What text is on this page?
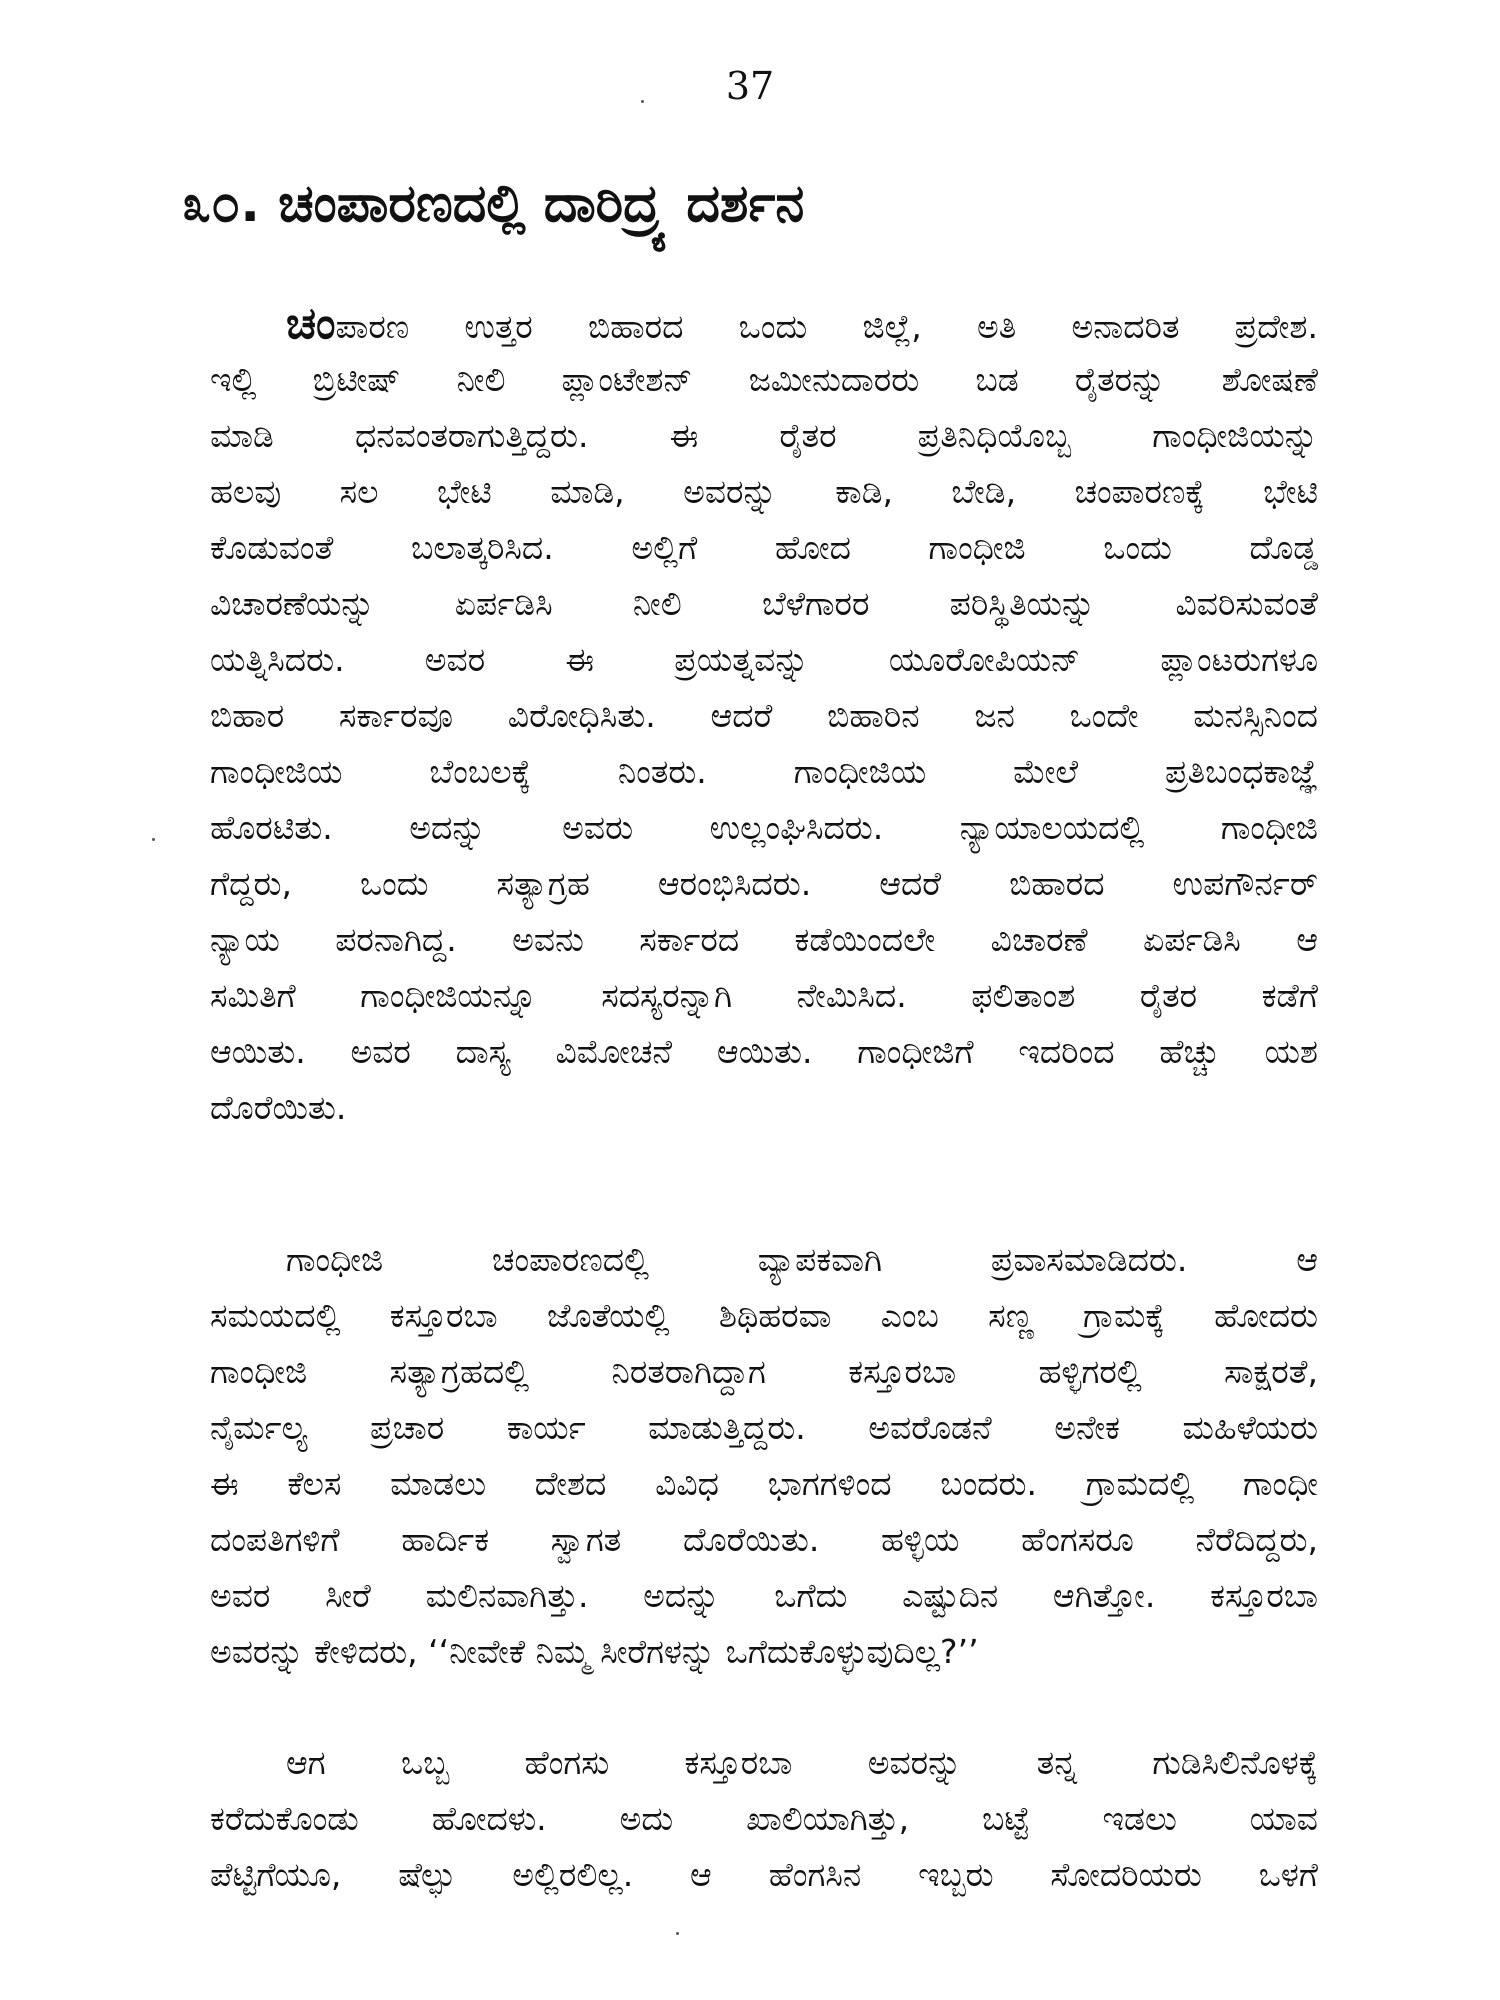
37
೩೦. ಚಂಪಾರಣದಲ್ಲಿ ದಾರಿದ್ರ್ಯ ದರ್ಶನ
ಚಂಪಾರಣ ಉತ್ತರ ಬಿಹಾರದ ಒಂದು ಜಿಲ್ಲೆ, ಅತಿ ಅನಾದರಿತ ಪ್ರದೇಶ.
ಇಲ್ಲಿ ಬ್ರಿಟೀಷ್ ನೀಲಿ ಪ್ಲಾಂಟೇಶನ್ ಜಮೀನುದಾರರು ಬಡ ರೈತರನ್ನು ಶೋಷಣೆ
ಮಾಡಿ ಧನವಂತರಾಗುತ್ತಿದ್ದರು. ಈ ರೈತರ ಪ್ರತಿನಿಧಿಯೊಬ್ಬ ಗಾಂಧೀಜಿಯನ್ನು
ಹಲವು ಸಲ ಭೇಟಿ ಮಾಡಿ, ಅವರನ್ನು ಕಾಡಿ, ಬೇಡಿ, ಚಂಪಾರಣಕ್ಕೆ ಭೇಟಿ
ಕೊಡುವಂತೆ ಬಲಾತ್ಕರಿಸಿದ. ಅಲ್ಲಿಗೆ ಹೋದ ಗಾಂಧೀಜಿ ಒಂದು ದೊಡ್ಡ
ವಿಚಾರಣೆಯನ್ನು ಏರ್ಪಡಿಸಿ ನೀಲಿ ಬೆಳೆಗಾರರ ಪರಿಸ್ಥಿತಿಯನ್ನು ವಿವರಿಸುವಂತೆ
ಯತ್ನಿಸಿದರು. ಅವರ ಈ ಪ್ರಯತ್ನವನ್ನು ಯೂರೋಪಿಯನ್ ಪ್ಲಾಂಟರುಗಳೂ
ಬಿಹಾರ ಸರ್ಕಾರವೂ ವಿರೋಧಿಸಿತು. ಆದರೆ ಬಿಹಾರಿನ ಜನ ಒಂದೇ ಮನಸ್ಸಿನಿಂದ
ಗಾಂಧೀಜಿಯ ಬೆಂಬಲಕ್ಕೆ ನಿಂತರು. ಗಾಂಧೀಜಿಯ ಮೇಲೆ ಪ್ರತಿಬಂಧಕಾಜ್ಞೆ
ಹೊರಟಿತು. ಅದನ್ನು ಅವರು ಉಲ್ಲಂಘಿಸಿದರು. ನ್ಯಾಯಾಲಯದಲ್ಲಿ ಗಾಂಧೀಜಿ
ಗೆದ್ದರು, ಒಂದು ಸತ್ಯಾಗ್ರಹ ಆರಂಭಿಸಿದರು. ಆದರೆ ಬಿಹಾರದ ಉಪಗೌರ್ನರ್
ನ್ಯಾಯ ಪರನಾಗಿದ್ದ. ಅವನು ಸರ್ಕಾರದ ಕಡೆಯಿಂದಲೇ ವಿಚಾರಣೆ ಏರ್ಪಡಿಸಿ ಆ
ಸಮಿತಿಗೆ ಗಾಂಧೀಜಿಯನ್ನೂ ಸದಸ್ಯರನ್ನಾಗಿ ನೇಮಿಸಿದ. ಫಲಿತಾಂಶ ರೈತರ ಕಡೆಗೆ
ಆಯಿತು. ಅವರ ದಾಸ್ಯ ವಿಮೋಚನೆ ಆಯಿತು. ಗಾಂಧೀಜಿಗೆ ಇದರಿಂದ ಹೆಚ್ಚು ಯಶ
ದೊರೆಯಿತು.
ಗಾಂಧೀಜಿ ಚಂಪಾರಣದಲ್ಲಿ ವ್ಯಾಪಕವಾಗಿ ಪ್ರವಾಸಮಾಡಿದರು. ಆ
ಸಮಯದಲ್ಲಿ ಕಸ್ತೂರಬಾ ಜೊತೆಯಲ್ಲಿ ಶಿಥಿಹರವಾ ಎಂಬ ಸಣ್ಣ ಗ್ರಾಮಕ್ಕೆ ಹೋದರು
ಗಾಂಧೀಜಿ ಸತ್ಯಾಗ್ರಹದಲ್ಲಿ ನಿರತರಾಗಿದ್ದಾಗ ಕಸ್ತೂರಬಾ ಹಳ್ಳಿಗರಲ್ಲಿ ಸಾಕ್ಷರತೆ,
ನೈರ್ಮಲ್ಯ ಪ್ರಚಾರ ಕಾರ್ಯ ಮಾಡುತ್ತಿದ್ದರು. ಅವರೊಡನೆ ಅನೇಕ ಮಹಿಳೆಯರು
ಈ ಕೆಲಸ ಮಾಡಲು ದೇಶದ ವಿವಿಧ ಭಾಗಗಳಿಂದ ಬಂದರು. ಗ್ರಾಮದಲ್ಲಿ ಗಾಂಧೀ
ದಂಪತಿಗಳಿಗೆ ಹಾರ್ದಿಕ ಸ್ವಾಗತ ದೊರೆಯಿತು. ಹಳ್ಳಿಯ ಹೆಂಗಸರೂ ನೆರೆದಿದ್ದರು,
ಅವರ ಸೀರೆ ಮಲಿನವಾಗಿತ್ತು. ಅದನ್ನು ಒಗೆದು ಎಷ್ಟುದಿನ ಆಗಿತ್ತೋ. ಕಸ್ತೂರಬಾ
ಅವರನ್ನು ಕೇಳಿದರು, ‘‘ನೀವೇಕೆ ನಿಮ್ಮ ಸೀರೆಗಳನ್ನು ಒಗೆದುಕೊಳ್ಳುವುದಿಲ್ಲ?’’
ಆಗ ಒಬ್ಬ ಹೆಂಗಸು ಕಸ್ತೂರಬಾ ಅವರನ್ನು ತನ್ನ ಗುಡಿಸಿಲಿನೊಳಕ್ಕೆ
ಕರೆದುಕೊಂಡು ಹೋದಳು. ಅದು ಖಾಲಿಯಾಗಿತ್ತು, ಬಟ್ಟೆ ಇಡಲು ಯಾವ
ಪೆಟ್ಟಿಗೆಯೂ, ಷೆಲ್ಫು ಅಲ್ಲಿರಲಿಲ್ಲ. ಆ ಹೆಂಗಸಿನ ಇಬ್ಬರು ಸೋದರಿಯರು ಒಳಗೆ
